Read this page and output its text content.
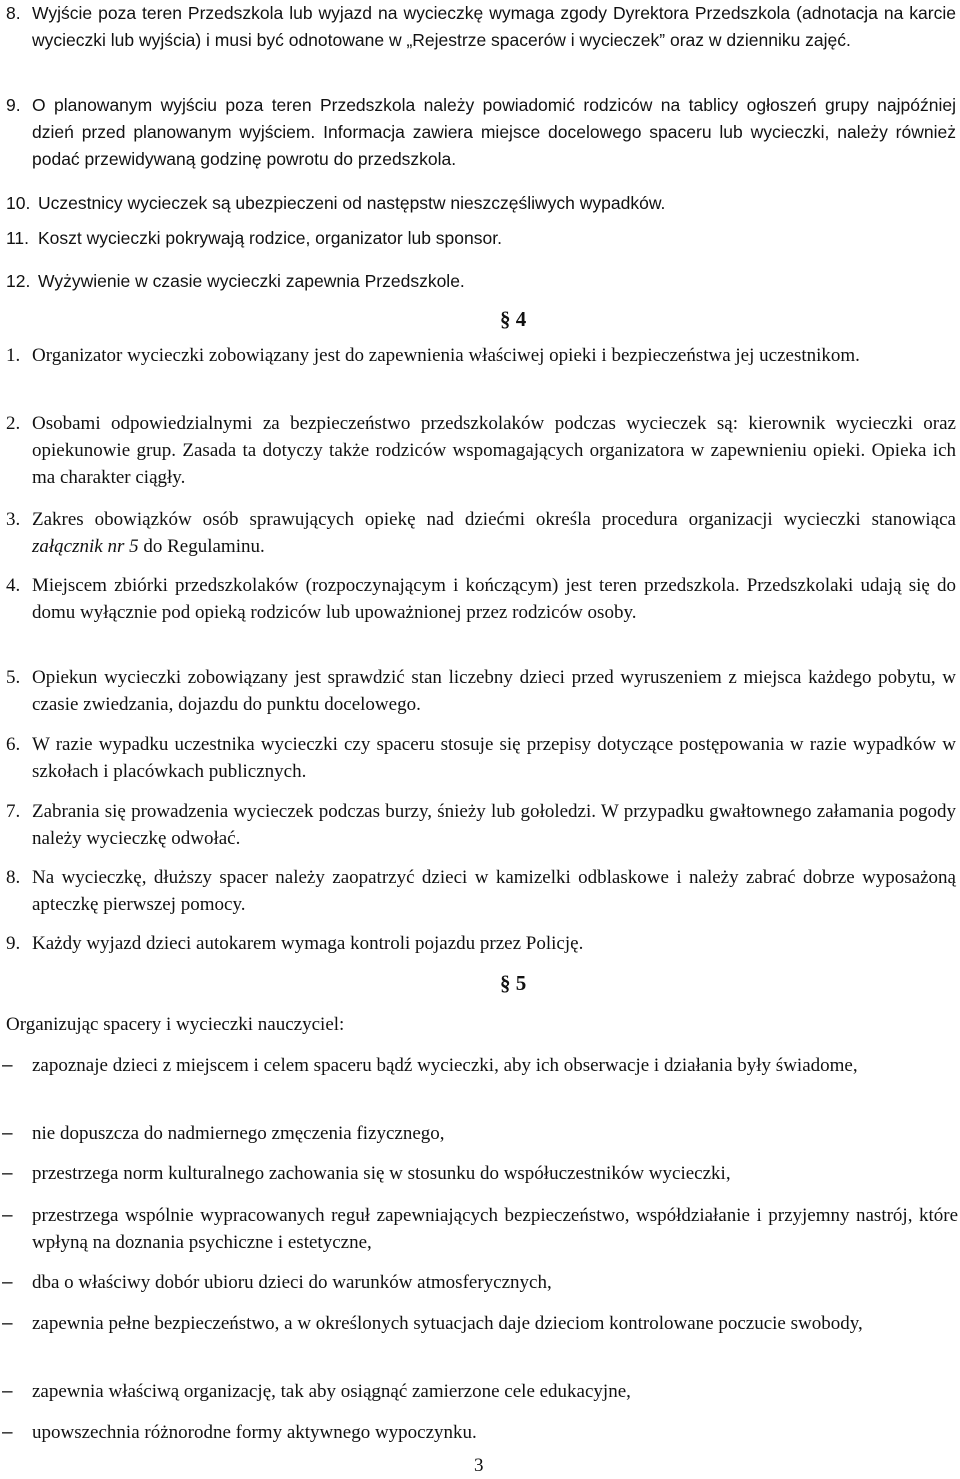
8. Wyjście poza teren Przedszkola lub wyjazd na wycieczkę wymaga zgody Dyrektora Przedszkola (adnotacja na karcie wycieczki lub wyjścia) i musi być odnotowane w „Rejestrze spacerów i wycieczek” oraz w dzienniku zajęć.
9. O planowanym wyjściu poza teren Przedszkola należy powiadomić rodziców na tablicy ogłoszeń grupy najpóźniej dzień przed planowanym wyjściem. Informacja zawiera miejsce docelowego spaceru lub wycieczki, należy również podać przewidywaną godzinę powrotu do przedszkola.
10. Uczestnicy wycieczek są ubezpieczeni od następstw nieszczęśliwych wypadków.
11. Koszt wycieczki pokrywają rodzice, organizator lub sponsor.
12. Wyżywienie w czasie wycieczki zapewnia Przedszkole.
§ 4
1. Organizator wycieczki zobowiązany jest do zapewnienia właściwej opieki i bezpieczeństwa jej uczestnikom.
2. Osobami odpowiedzialnymi za bezpieczeństwo przedszkolaków podczas wycieczek są: kierownik wycieczki oraz opiekunowie grup. Zasada ta dotyczy także rodziców wspomagających organizatora w zapewnieniu opieki. Opieka ich ma charakter ciągły.
3. Zakres obowiązków osób sprawujących opiekę nad dziećmi określa procedura organizacji wycieczki stanowiąca załącznik nr 5 do Regulaminu.
4. Miejscem zbiórki przedszkolaków (rozpoczynającym i kończącym) jest teren przedszkola. Przedszkolaki udają się do domu wyłącznie pod opieką rodziców lub upoważnionej przez rodziców osoby.
5. Opiekun wycieczki zobowiązany jest sprawdzić stan liczebny dzieci przed wyruszeniem z miejsca każdego pobytu, w czasie zwiedzania, dojazdu do punktu docelowego.
6. W razie wypadku uczestnika wycieczki czy spaceru stosuje się przepisy dotyczące postępowania w razie wypadków w szkołach i placówkach publicznych.
7. Zabrania się prowadzenia wycieczek podczas burzy, śnieży lub gołoledzi. W przypadku gwałtownego załamania pogody należy wycieczkę odwołać.
8. Na wycieczkę, dłuższy spacer należy zaopatrzyć dzieci w kamizelki odblaskowe i należy zabrać dobrze wyposażoną apteczkę pierwszej pomocy.
9. Każdy wyjazd dzieci autokarem wymaga kontroli pojazdu przez Policję.
§ 5
Organizując spacery i wycieczki nauczyciel:
– zapoznaje dzieci z miejscem i celem spaceru bądź wycieczki, aby ich obserwacje i działania były świadome,
– nie dopuszcza do nadmiernego zmęczenia fizycznego,
– przestrzega norm kulturalnego zachowania się w stosunku do współuczestników wycieczki,
– przestrzega wspólnie wypracowanych reguł zapewniających bezpieczeństwo, współdziałanie i przyjemny nastrój, które wpłyną na doznania psychiczne i estetyczne,
– dba o właściwy dobór ubioru dzieci do warunków atmosferycznych,
– zapewnia pełne bezpieczeństwo, a w określonych sytuacjach daje dzieciom kontrolowane poczucie swobody,
– zapewnia właściwą organizację, tak aby osiągnąć zamierzone cele edukacyjne,
– upowszechnia różnorodne formy aktywnego wypoczynku.
3
